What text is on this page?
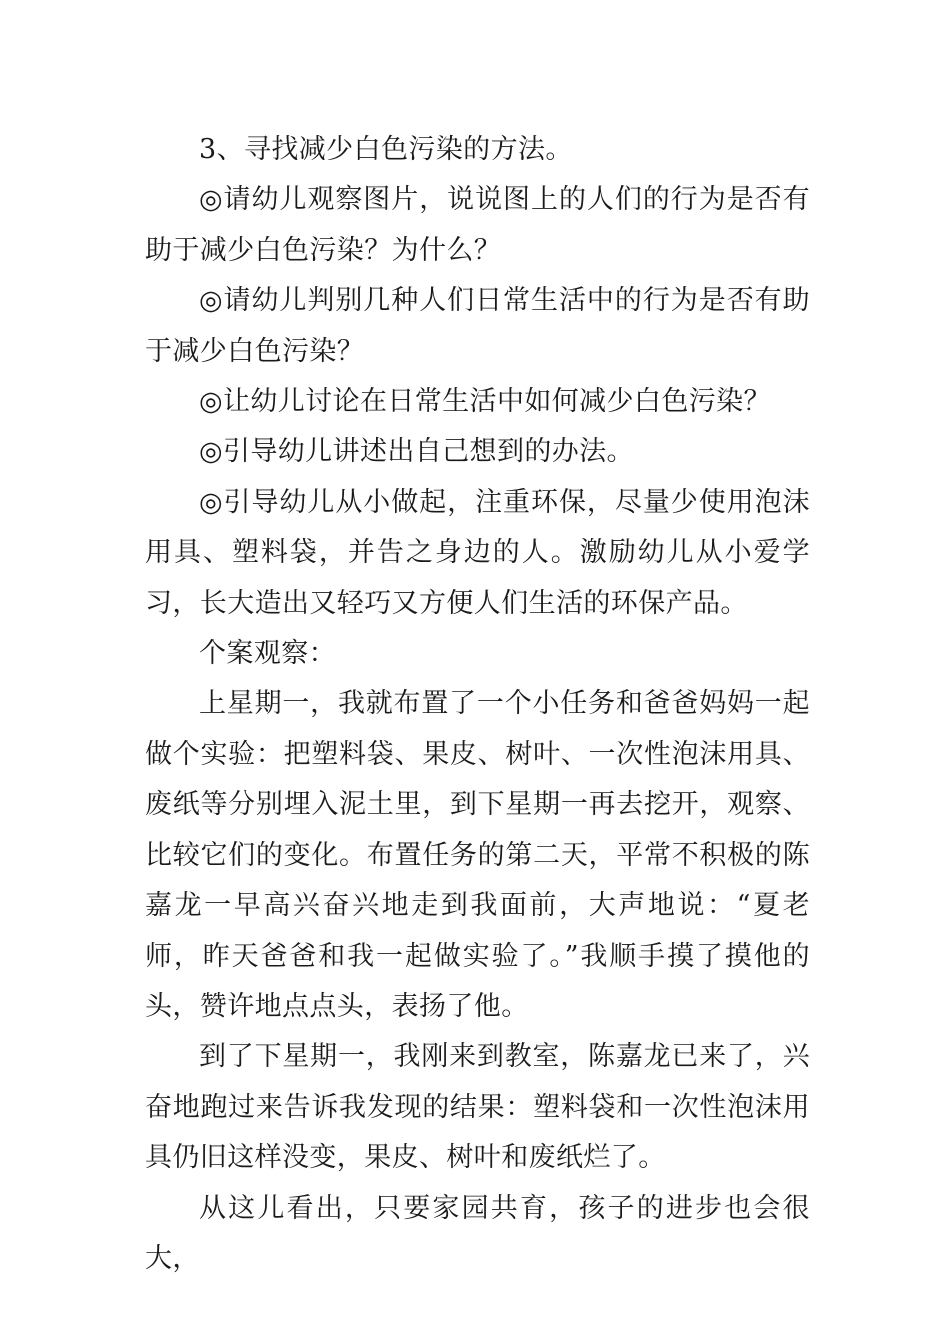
3、寻找减少白色污染的方法。

◎请幼儿观察图片，说说图上的人们的行为是否有助于减少白色污染？为什么？

◎请幼儿判别几种人们日常生活中的行为是否有助于减少白色污染？

◎让幼儿讨论在日常生活中如何减少白色污染？

◎引导幼儿讲述出自己想到的办法。

◎引导幼儿从小做起，注重环保，尽量少使用泡沫用具、塑料袋，并告之身边的人。激励幼儿从小爱学习，长大造出又轻巧又方便人们生活的环保产品。

个案观察：

上星期一，我就布置了一个小任务和爸爸妈妈一起做个实验：把塑料袋、果皮、树叶、一次性泡沫用具、废纸等分别埋入泥土里，到下星期一再去挖开，观察、比较它们的变化。布置任务的第二天，平常不积极的陈嘉龙一早高兴奋兴地走到我面前，大声地说：“夏老师，昨天爸爸和我一起做实验了。”我顺手摸了摸他的头，赞许地点点头，表扬了他。

到了下星期一，我刚来到教室，陈嘉龙已来了，兴奋地跑过来告诉我发现的结果：塑料袋和一次性泡沫用具仍旧这样没变，果皮、树叶和废纸烂了。

从这儿看出，只要家园共育，孩子的进步也会很大，
